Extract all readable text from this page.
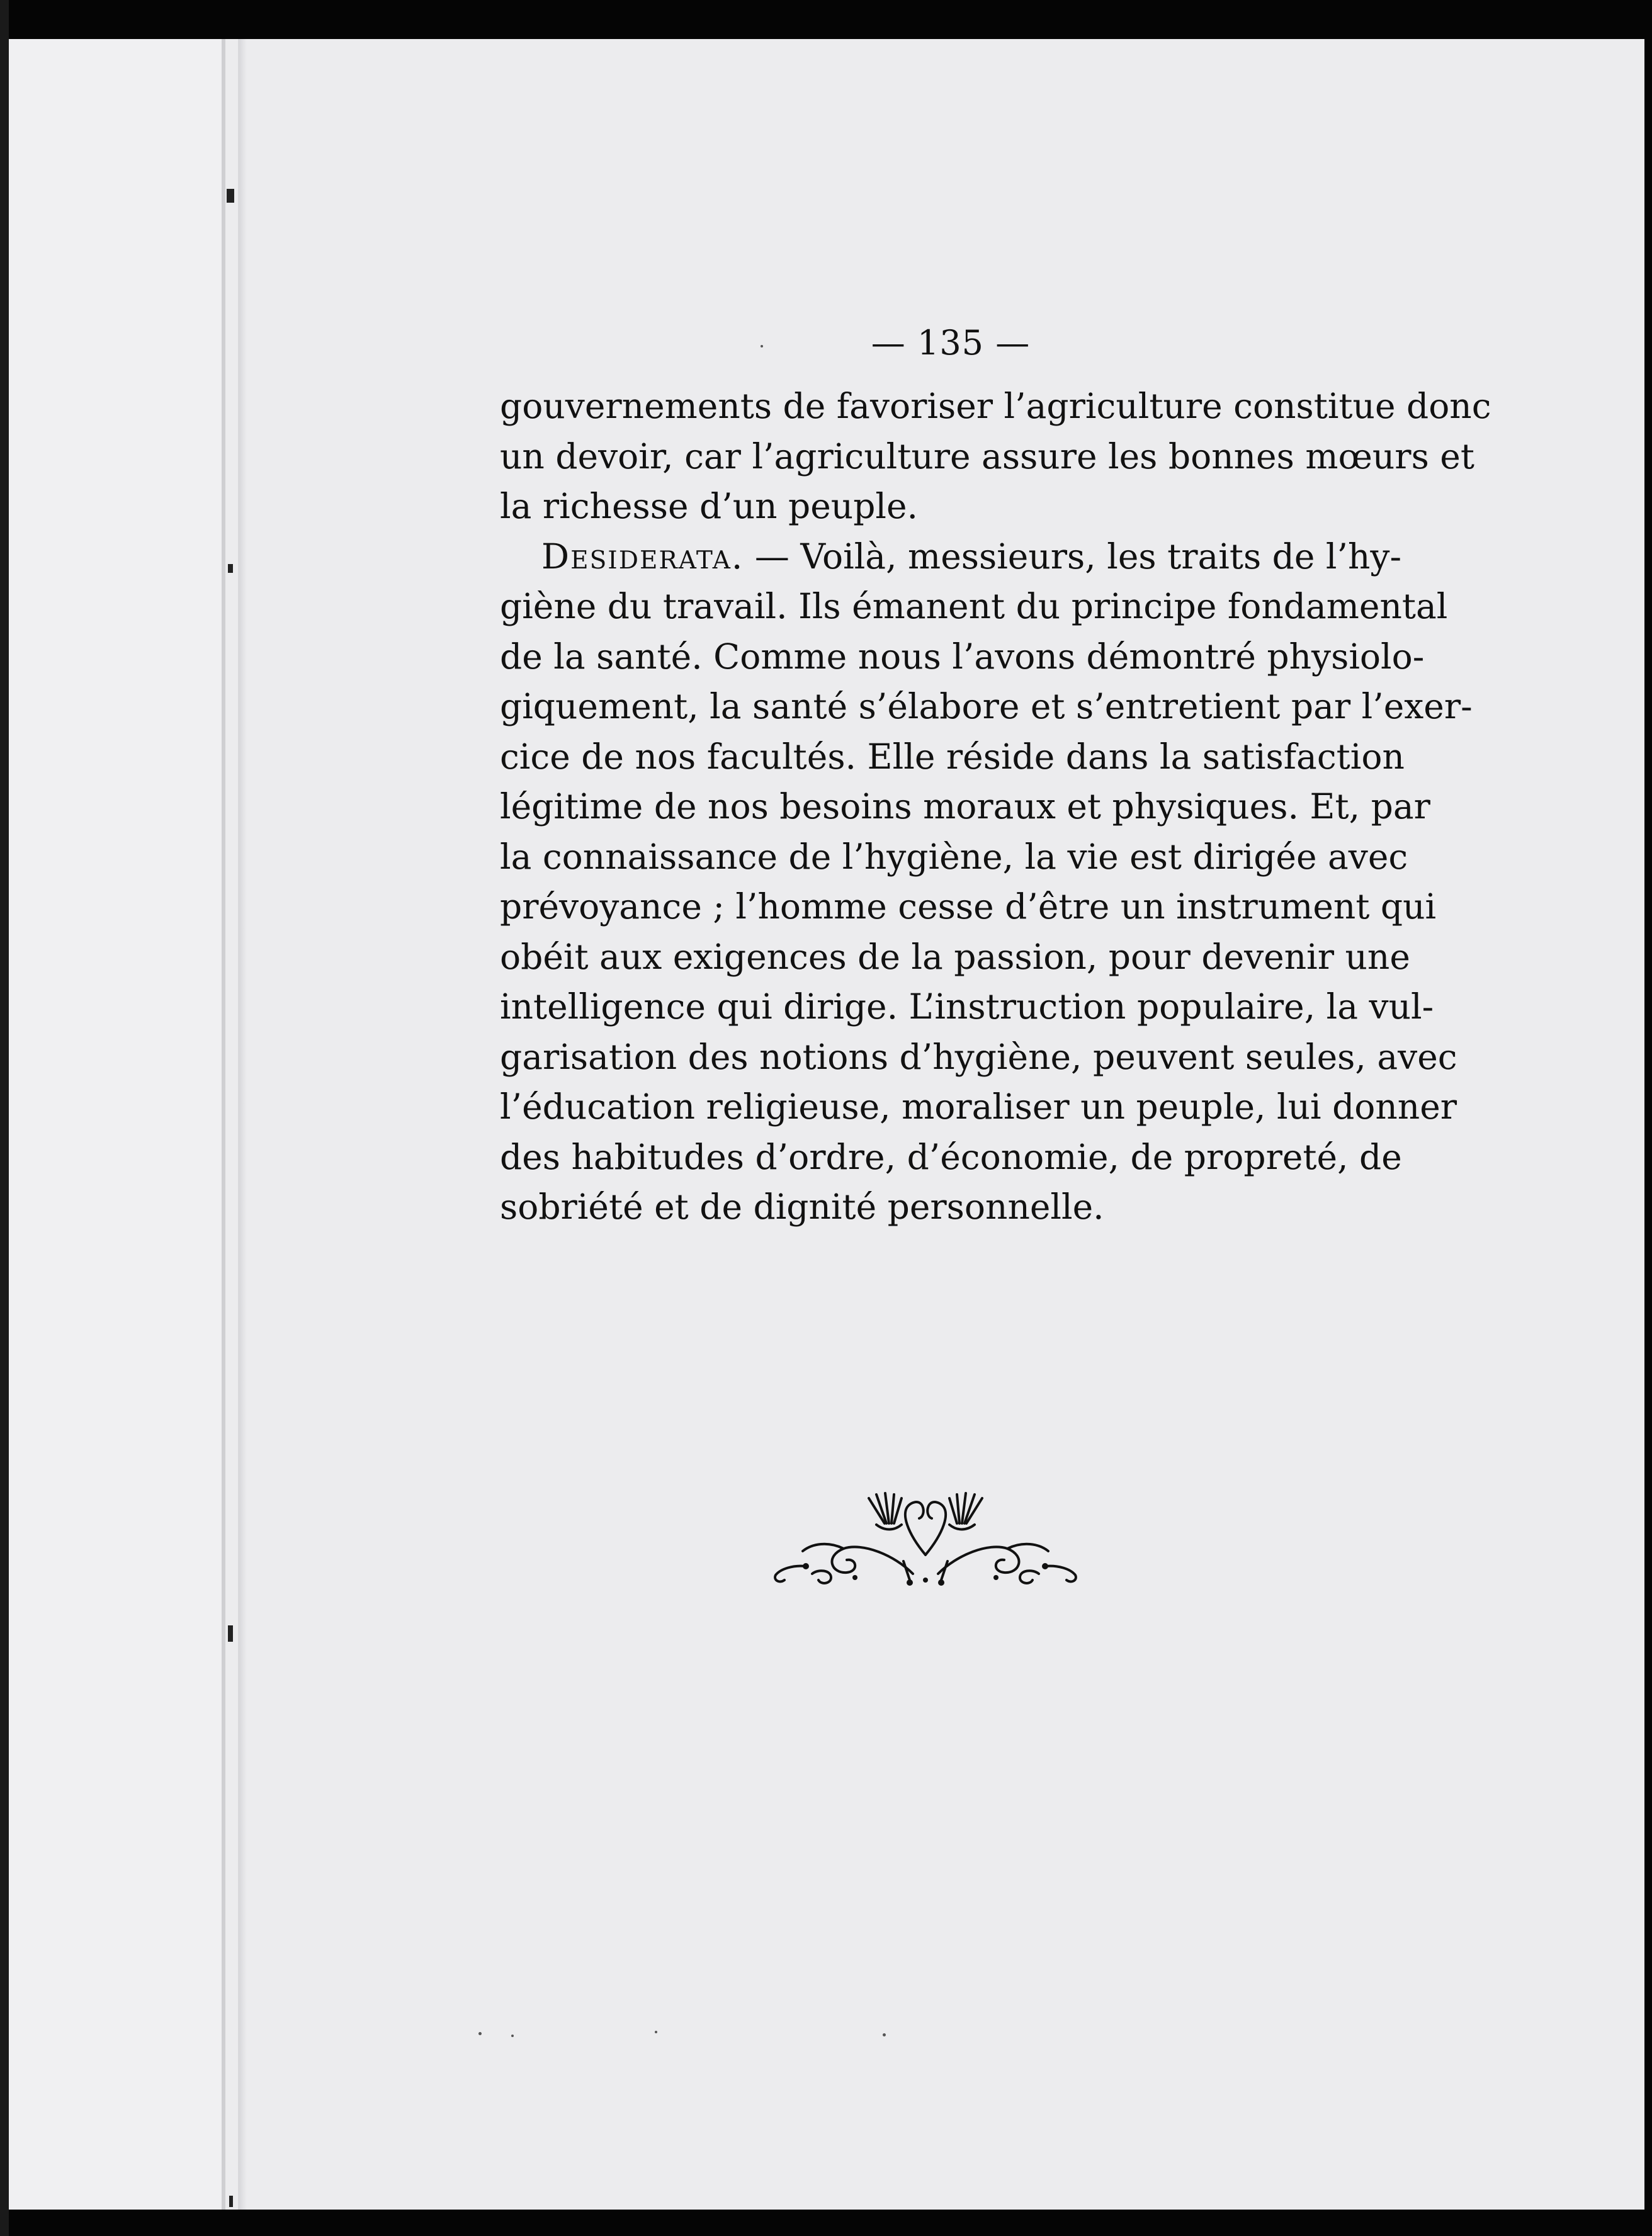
— 135 —
gouvernements de favoriser l’agriculture constitue donc
un devoir, car l’agriculture assure les bonnes mœurs et
la richesse d’un peuple.
Desiderata. — Voilà, messieurs, les traits de l’hy-
giène du travail. Ils émanent du principe fondamental
de la santé. Comme nous l’avons démontré physiolo-
giquement, la santé s’élabore et s’entretient par l’exer-
cice de nos facultés. Elle réside dans la satisfaction
légitime de nos besoins moraux et physiques. Et, par
la connaissance de l’hygiène, la vie est dirigée avec
prévoyance ; l’homme cesse d’être un instrument qui
obéit aux exigences de la passion, pour devenir une
intelligence qui dirige. L’instruction populaire, la vul-
garisation des notions d’hygiène, peuvent seules, avec
l’éducation religieuse, moraliser un peuple, lui donner
des habitudes d’ordre, d’économie, de propreté, de
sobriété et de dignité personnelle.
